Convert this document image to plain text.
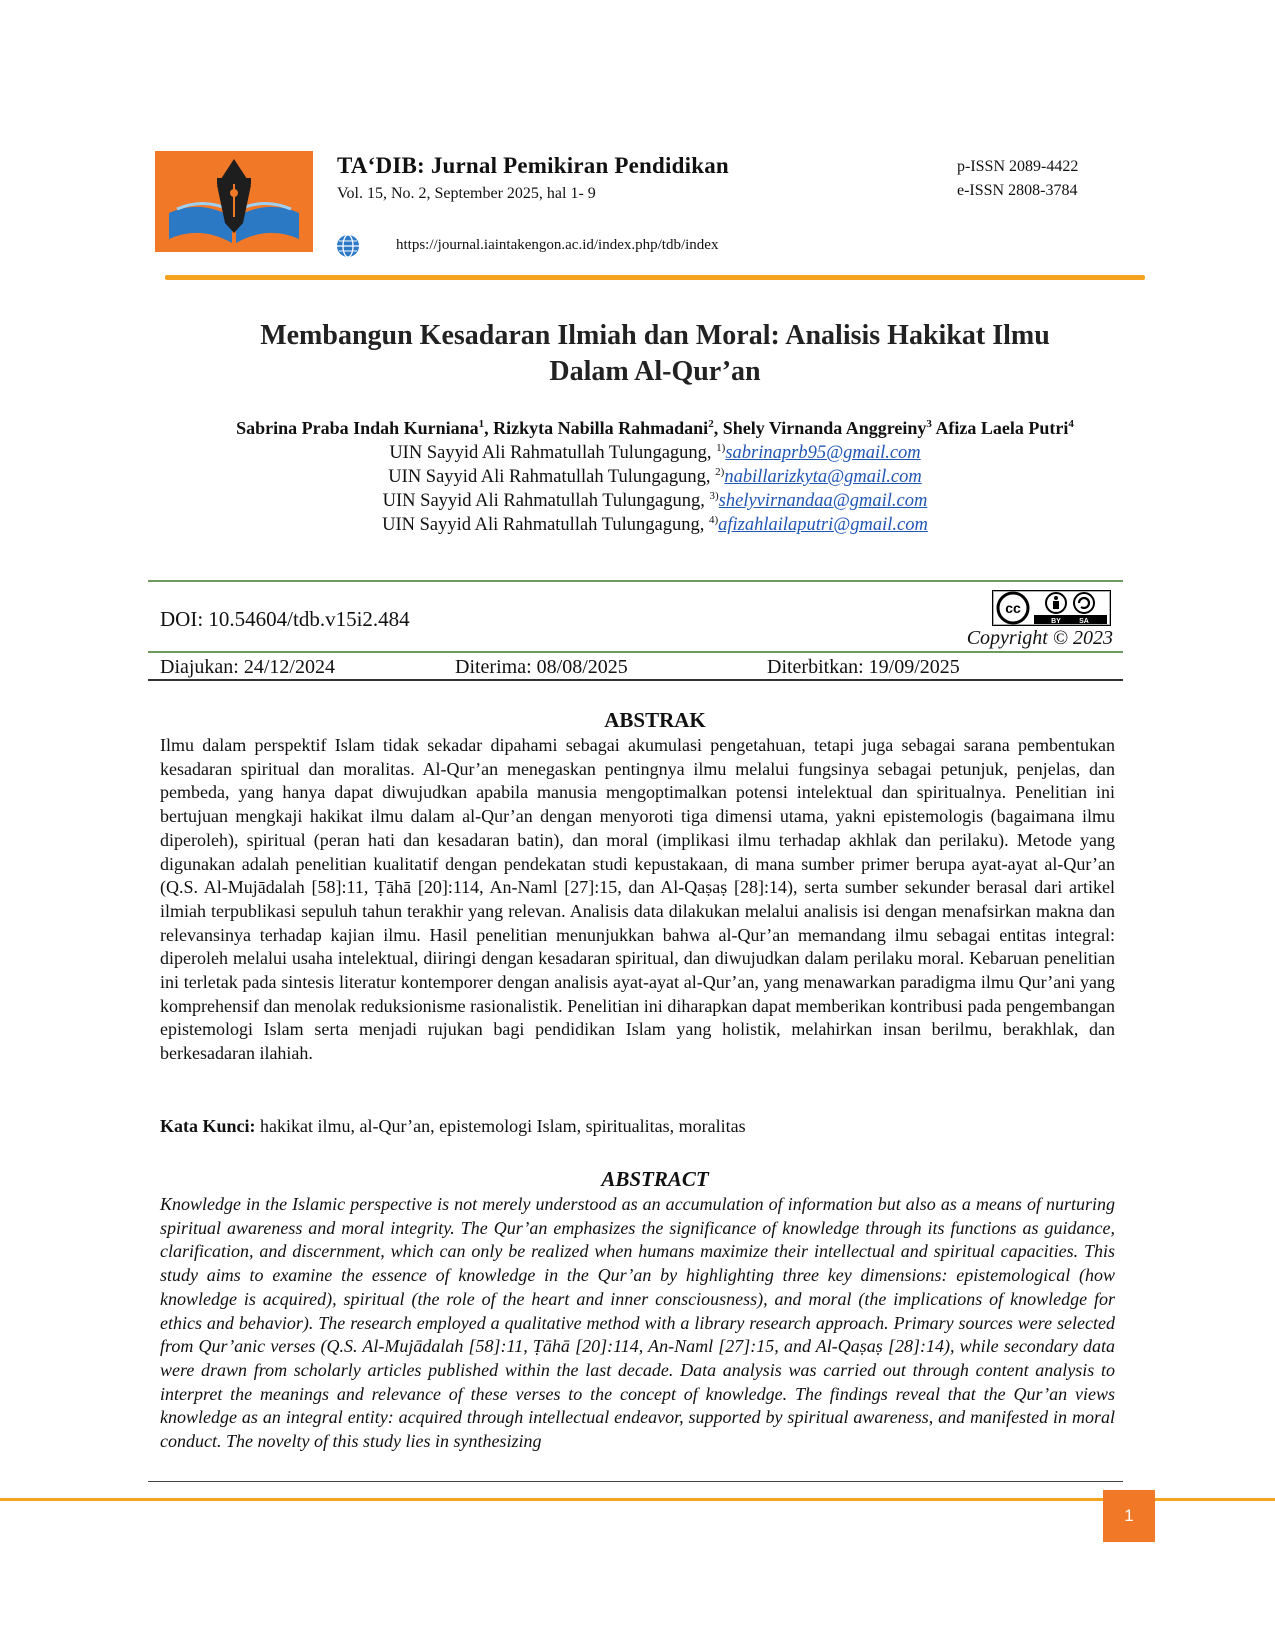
TA‘DIB: Jurnal Pemikiran Pendidikan
Vol. 15, No. 2, September 2025, hal 1- 9
p-ISSN 2089-4422
e-ISSN 2808-3784
https://journal.iaintakengon.ac.id/index.php/tdb/index
Membangun Kesadaran Ilmiah dan Moral: Analisis Hakikat Ilmu
Dalam Al-Qur’an
Sabrina Praba Indah Kurniana$^1$, Rizkyta Nabilla Rahmadani$^2$, Shely Virnanda Anggreiny$^3$ Afiza Laela Putri$^4$
UIN Sayyid Ali Rahmatullah Tulungagung, $^{1)}$sabrinaprb95@gmail.com
UIN Sayyid Ali Rahmatullah Tulungagung, $^{2)}$nabillarizkyta@gmail.com
UIN Sayyid Ali Rahmatullah Tulungagung, $^{3)}$shelyvirnandaa@gmail.com
UIN Sayyid Ali Rahmatullah Tulungagung, $^{4)}$afizahlailaputri@gmail.com
DOI: 10.54604/tdb.v15i2.484	cc
BY	SA
Copyright © 2023
Diajukan: 24/12/2024	Diterima: 08/08/2025	Diterbitkan: 19/09/2025
ABSTRAK
Ilmu dalam perspektif Islam tidak sekadar dipahami sebagai akumulasi pengetahuan, tetapi juga sebagai sarana pembentukan kesadaran spiritual dan moralitas. Al-Qur’an menegaskan pentingnya ilmu melalui fungsinya sebagai petunjuk, penjelas, dan pembeda, yang hanya dapat diwujudkan apabila manusia mengoptimalkan potensi intelektual dan spiritualnya. Penelitian ini bertujuan mengkaji hakikat ilmu dalam al-Qur’an dengan menyoroti tiga dimensi utama, yakni epistemologis (bagaimana ilmu diperoleh), spiritual (peran hati dan kesadaran batin), dan moral (implikasi ilmu terhadap akhlak dan perilaku). Metode yang digunakan adalah penelitian kualitatif dengan pendekatan studi kepustakaan, di mana sumber primer berupa ayat-ayat al-Qur’an (Q.S. Al-Mujādalah [58]:11, Ṭāhā [20]:114, An-Naml [27]:15, dan Al-Qaṣaṣ [28]:14), serta sumber sekunder berasal dari artikel ilmiah terpublikasi sepuluh tahun terakhir yang relevan. Analisis data dilakukan melalui analisis isi dengan menafsirkan makna dan relevansinya terhadap kajian ilmu. Hasil penelitian menunjukkan bahwa al-Qur’an memandang ilmu sebagai entitas integral: diperoleh melalui usaha intelektual, diiringi dengan kesadaran spiritual, dan diwujudkan dalam perilaku moral. Kebaruan penelitian ini terletak pada sintesis literatur kontemporer dengan analisis ayat-ayat al-Qur’an, yang menawarkan paradigma ilmu Qur’ani yang komprehensif dan menolak reduksionisme rasionalistik. Penelitian ini diharapkan dapat memberikan kontribusi pada pengembangan epistemologi Islam serta menjadi rujukan bagi pendidikan Islam yang holistik, melahirkan insan berilmu, berakhlak, dan berkesadaran ilahiah.
Kata Kunci: hakikat ilmu, al-Qur’an, epistemologi Islam, spiritualitas, moralitas
ABSTRACT
Knowledge in the Islamic perspective is not merely understood as an accumulation of information but also as a means of nurturing spiritual awareness and moral integrity. The Qur’an emphasizes the significance of knowledge through its functions as guidance, clarification, and discernment, which can only be realized when humans maximize their intellectual and spiritual capacities. This study aims to examine the essence of knowledge in the Qur’an by highlighting three key dimensions: epistemological (how knowledge is acquired), spiritual (the role of the heart and inner consciousness), and moral (the implications of knowledge for ethics and behavior). The research employed a qualitative method with a library research approach. Primary sources were selected from Qur’anic verses (Q.S. Al-Mujādalah [58]:11, Ṭāhā [20]:114, An-Naml [27]:15, and Al-Qaṣaṣ [28]:14), while secondary data were drawn from scholarly articles published within the last decade. Data analysis was carried out through content analysis to interpret the meanings and relevance of these verses to the concept of knowledge. The findings reveal that the Qur’an views knowledge as an integral entity: acquired through intellectual endeavor, supported by spiritual awareness, and manifested in moral conduct. The novelty of this study lies in synthesizing
1
